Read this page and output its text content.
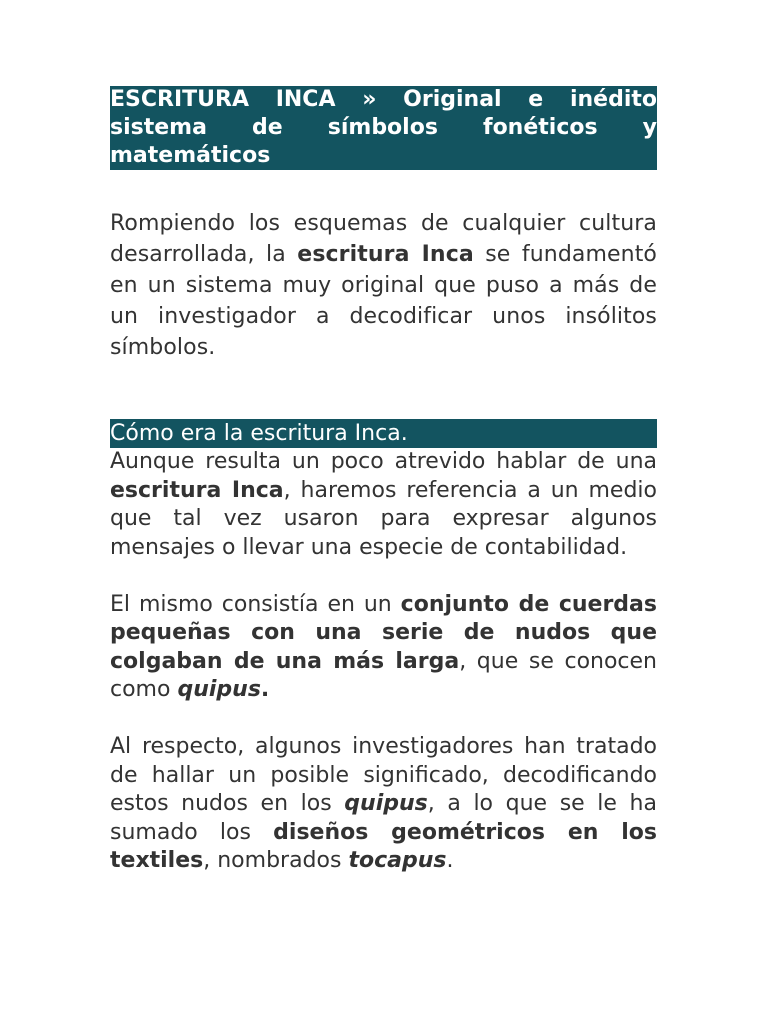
ESCRITURA INCA » Original e inédito sistema de símbolos fonéticos y matemáticos

Rompiendo los esquemas de cualquier cultura desarrollada, la escritura Inca se fundamentó en un sistema muy original que puso a más de un investigador a decodificar unos insólitos símbolos.

Cómo era la escritura Inca.

Aunque resulta un poco atrevido hablar de una escritura Inca, haremos referencia a un medio que tal vez usaron para expresar algunos mensajes o llevar una especie de contabilidad.

El mismo consistía en un conjunto de cuerdas pequeñas con una serie de nudos que colgaban de una más larga, que se conocen como quipus.

Al respecto, algunos investigadores han tratado de hallar un posible significado, decodificando estos nudos en los quipus, a lo que se le ha sumado los diseños geométricos en los textiles, nombrados tocapus.
